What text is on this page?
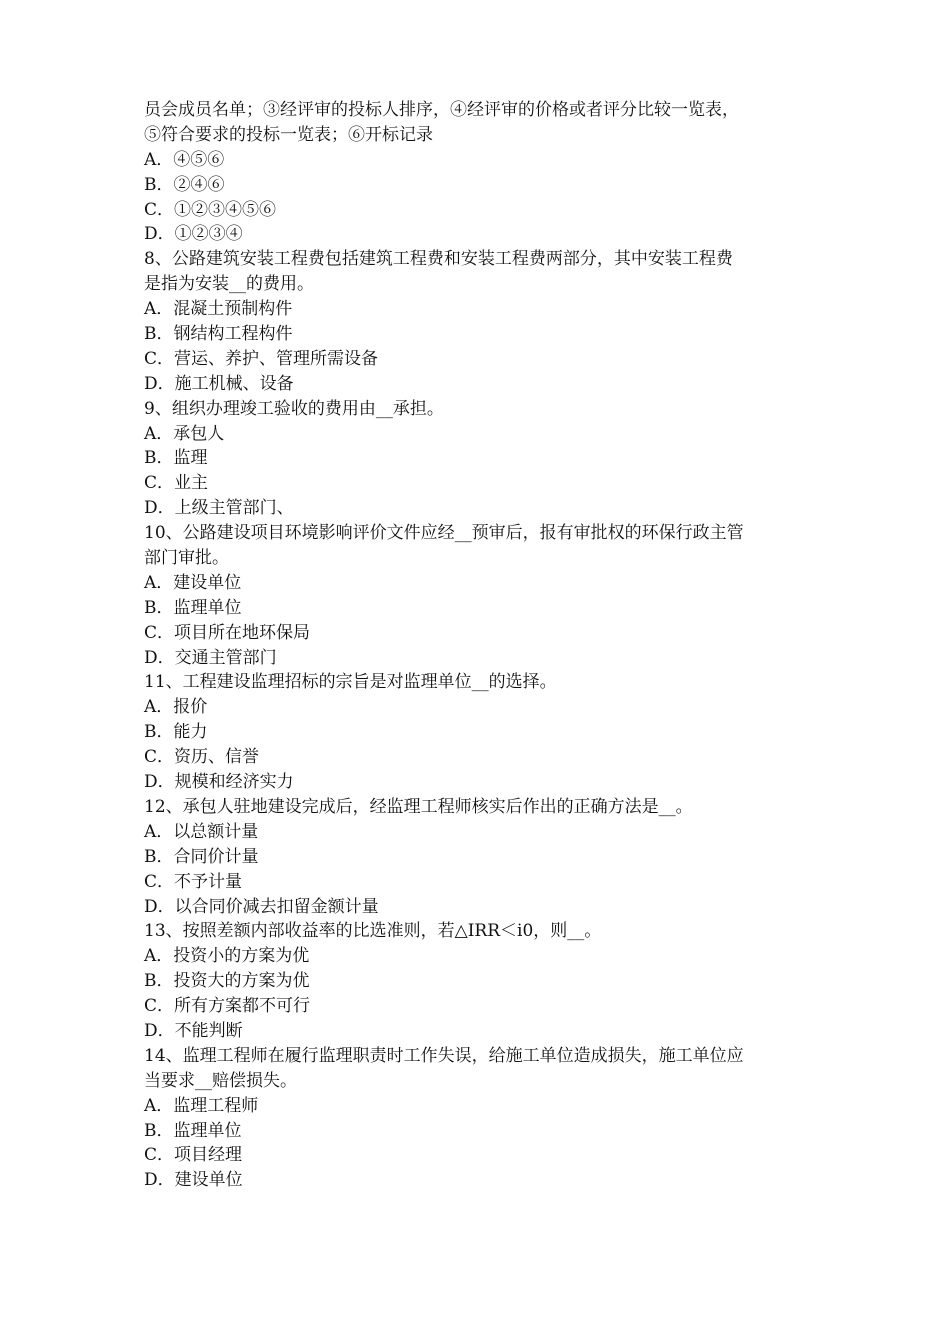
员会成员名单；③经评审的投标人排序，④经评审的价格或者评分比较一览表，
⑤符合要求的投标一览表；⑥开标记录
A．④⑤⑥
B．②④⑥
C．①②③④⑤⑥
D．①②③④
8、公路建筑安装工程费包括建筑工程费和安装工程费两部分，其中安装工程费
是指为安装__的费用。
A．混凝土预制构件
B．钢结构工程构件
C．营运、养护、管理所需设备
D．施工机械、设备
9、组织办理竣工验收的费用由__承担。
A．承包人
B．监理
C．业主
D．上级主管部门、
10、公路建设项目环境影响评价文件应经__预审后，报有审批权的环保行政主管
部门审批。
A．建设单位
B．监理单位
C．项目所在地环保局
D．交通主管部门
11、工程建设监理招标的宗旨是对监理单位__的选择。
A．报价
B．能力
C．资历、信誉
D．规模和经济实力
12、承包人驻地建设完成后，经监理工程师核实后作出的正确方法是__。
A．以总额计量
B．合同价计量
C．不予计量
D．以合同价减去扣留金额计量
13、按照差额内部收益率的比选准则，若△IRR＜i0，则__。
A．投资小的方案为优
B．投资大的方案为优
C．所有方案都不可行
D．不能判断
14、监理工程师在履行监理职责时工作失误，给施工单位造成损失，施工单位应
当要求__赔偿损失。
A．监理工程师
B．监理单位
C．项目经理
D．建设单位
